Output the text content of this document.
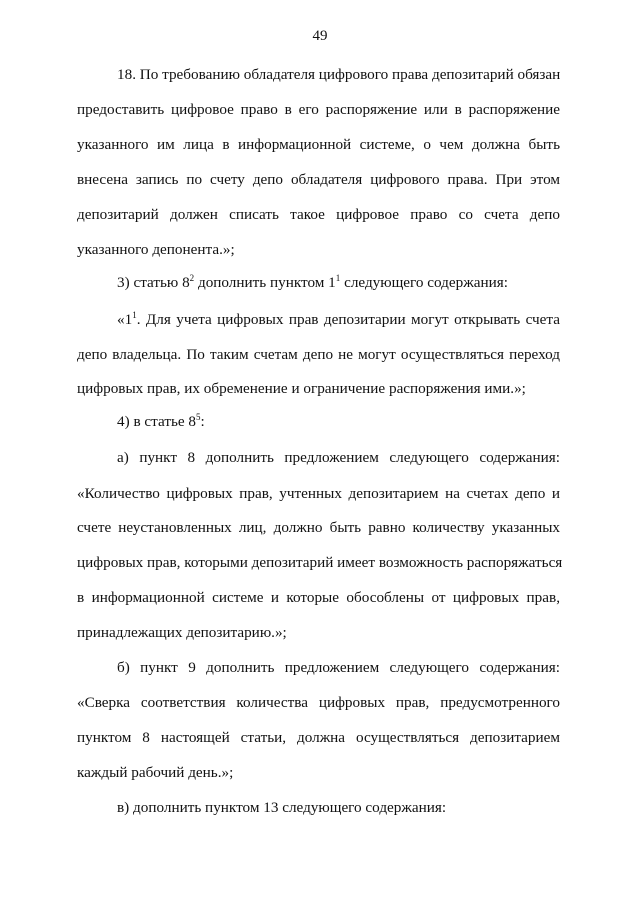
49
18. По требованию обладателя цифрового права депозитарий обязан
предоставить цифровое право в его распоряжение или в распоряжение
указанного им лица в информационной системе, о чем должна быть
внесена запись по счету депо обладателя цифрового права. При этом
депозитарий должен списать такое цифровое право со счета депо
указанного депонента.»;
3) статью $8^2$ дополнить пунктом $1^1$ следующего содержания:
«$1^1$. Для учета цифровых прав депозитарии могут открывать счета
депо владельца. По таким счетам депо не могут осуществляться переход
цифровых прав, их обременение и ограничение распоряжения ими.»;
4) в статье $8^5$:
а) пункт 8 дополнить предложением следующего содержания:
«Количество цифровых прав, учтенных депозитарием на счетах депо и
счете неустановленных лиц, должно быть равно количеству указанных
цифровых прав, которыми депозитарий имеет возможность распоряжаться
в информационной системе и которые обособлены от цифровых прав,
принадлежащих депозитарию.»;
б) пункт 9 дополнить предложением следующего содержания:
«Сверка соответствия количества цифровых прав, предусмотренного
пунктом 8 настоящей статьи, должна осуществляться депозитарием
каждый рабочий день.»;
в) дополнить пунктом 13 следующего содержания:
